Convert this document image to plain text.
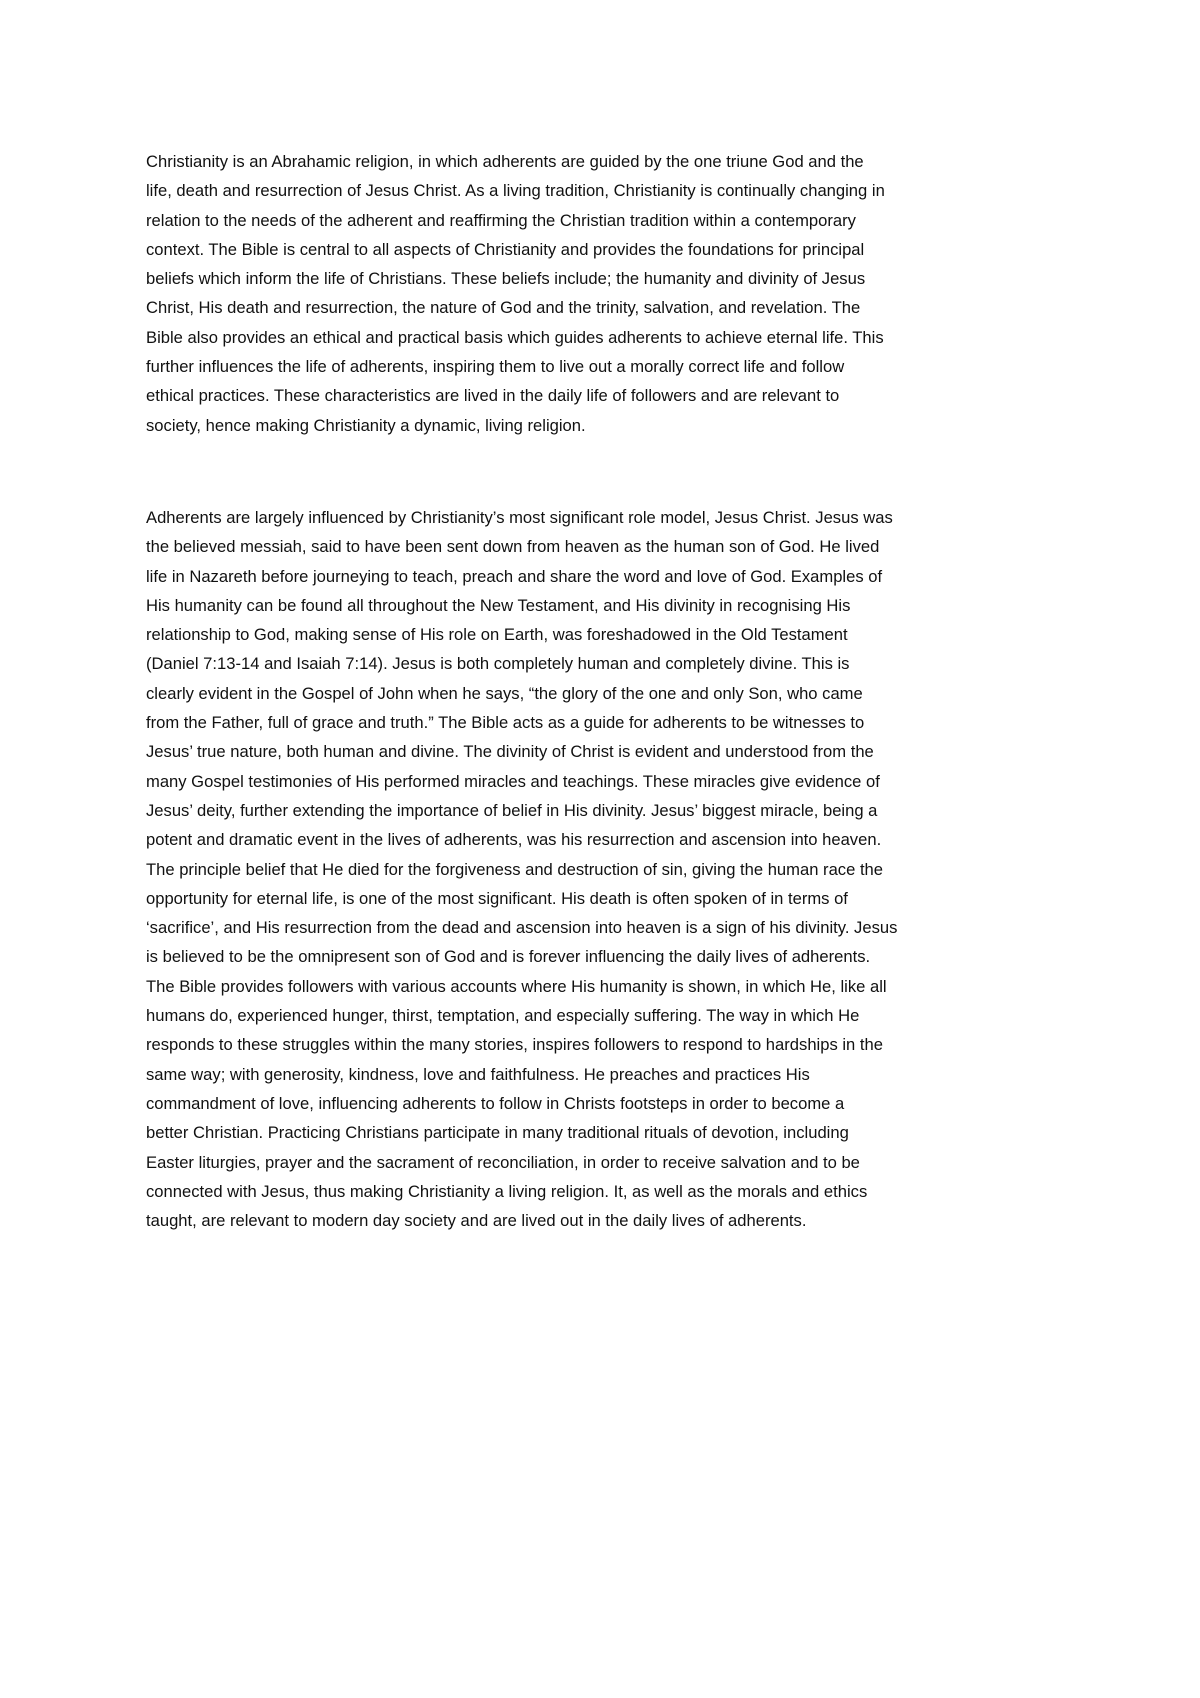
Christianity is an Abrahamic religion, in which adherents are guided by the one triune God and the
life, death and resurrection of Jesus Christ. As a living tradition, Christianity is continually changing in
relation to the needs of the adherent and reaffirming the Christian tradition within a contemporary
context. The Bible is central to all aspects of Christianity and provides the foundations for principal
beliefs which inform the life of Christians. These beliefs include; the humanity and divinity of Jesus
Christ, His death and resurrection, the nature of God and the trinity, salvation, and revelation. The
Bible also provides an ethical and practical basis which guides adherents to achieve eternal life. This
further influences the life of adherents, inspiring them to live out a morally correct life and follow
ethical practices. These characteristics are lived in the daily life of followers and are relevant to
society, hence making Christianity a dynamic, living religion.

Adherents are largely influenced by Christianity’s most significant role model, Jesus Christ. Jesus was
the believed messiah, said to have been sent down from heaven as the human son of God. He lived
life in Nazareth before journeying to teach, preach and share the word and love of God. Examples of
His humanity can be found all throughout the New Testament, and His divinity in recognising His
relationship to God, making sense of His role on Earth, was foreshadowed in the Old Testament
(Daniel 7:13-14 and Isaiah 7:14). Jesus is both completely human and completely divine. This is
clearly evident in the Gospel of John when he says, “the glory of the one and only Son, who came
from the Father, full of grace and truth.” The Bible acts as a guide for adherents to be witnesses to
Jesus’ true nature, both human and divine. The divinity of Christ is evident and understood from the
many Gospel testimonies of His performed miracles and teachings. These miracles give evidence of
Jesus’ deity, further extending the importance of belief in His divinity. Jesus’ biggest miracle, being a
potent and dramatic event in the lives of adherents, was his resurrection and ascension into heaven.
The principle belief that He died for the forgiveness and destruction of sin, giving the human race the
opportunity for eternal life, is one of the most significant. His death is often spoken of in terms of
‘sacrifice’, and His resurrection from the dead and ascension into heaven is a sign of his divinity. Jesus
is believed to be the omnipresent son of God and is forever influencing the daily lives of adherents.
The Bible provides followers with various accounts where His humanity is shown, in which He, like all
humans do, experienced hunger, thirst, temptation, and especially suffering. The way in which He
responds to these struggles within the many stories, inspires followers to respond to hardships in the
same way; with generosity, kindness, love and faithfulness. He preaches and practices His
commandment of love, influencing adherents to follow in Christs footsteps in order to become a
better Christian. Practicing Christians participate in many traditional rituals of devotion, including
Easter liturgies, prayer and the sacrament of reconciliation, in order to receive salvation and to be
connected with Jesus, thus making Christianity a living religion. It, as well as the morals and ethics
taught, are relevant to modern day society and are lived out in the daily lives of adherents.
